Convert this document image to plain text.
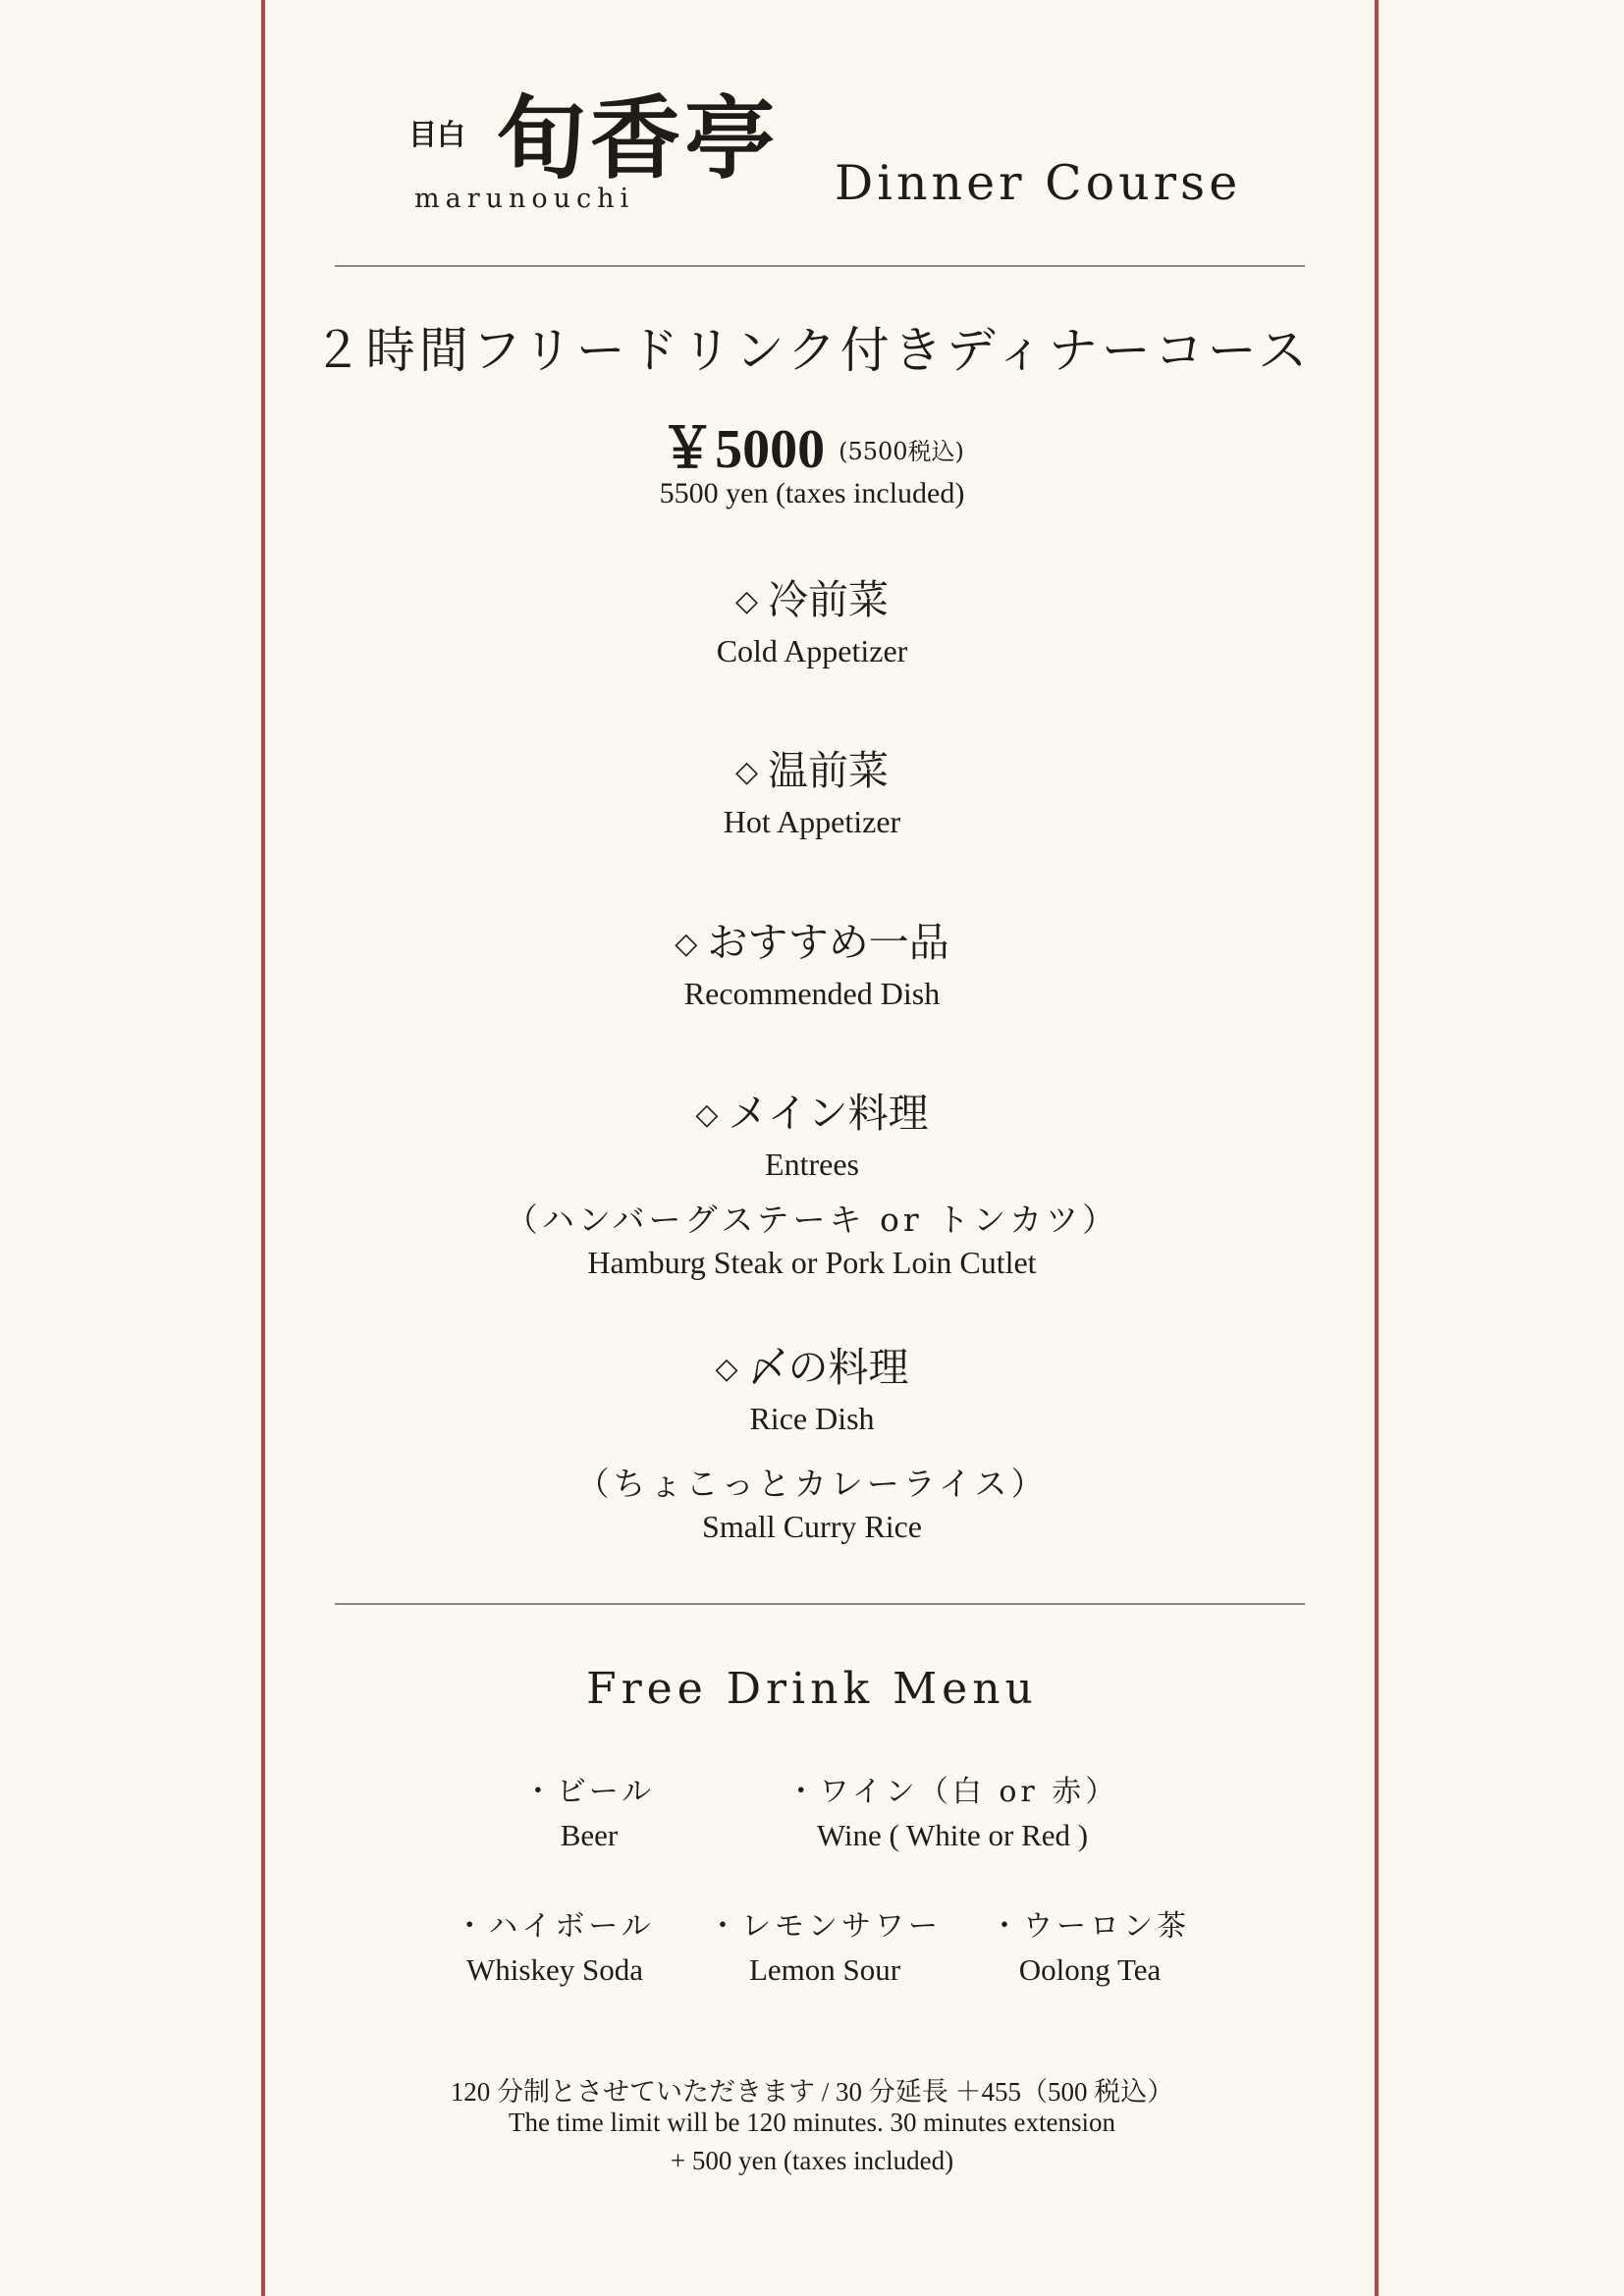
目白 旬香亭
marunouchi	Dinner Course
２時間フリードリンク付きディナーコース
￥5000 (5500税込)
5500 yen (taxes included)
◇ 冷前菜
Cold Appetizer
◇ 温前菜
Hot Appetizer
◇ おすすめ一品
Recommended Dish
◇ メイン料理
Entrees
（ハンバーグステーキ or トンカツ）
Hamburg Steak or Pork Loin Cutlet
◇ 〆の料理
Rice Dish
（ちょこっとカレーライス）
Small Curry Rice
Free Drink Menu
・ビール
Beer
・ワイン（白 or 赤）
Wine ( White or Red )
・ハイボール
Whiskey Soda
・レモンサワー
Lemon Sour
・ウーロン茶
Oolong Tea
120 分制とさせていただきます / 30 分延長 ＋455（500 税込）
The time limit will be 120 minutes. 30 minutes extension
+ 500 yen (taxes included)
